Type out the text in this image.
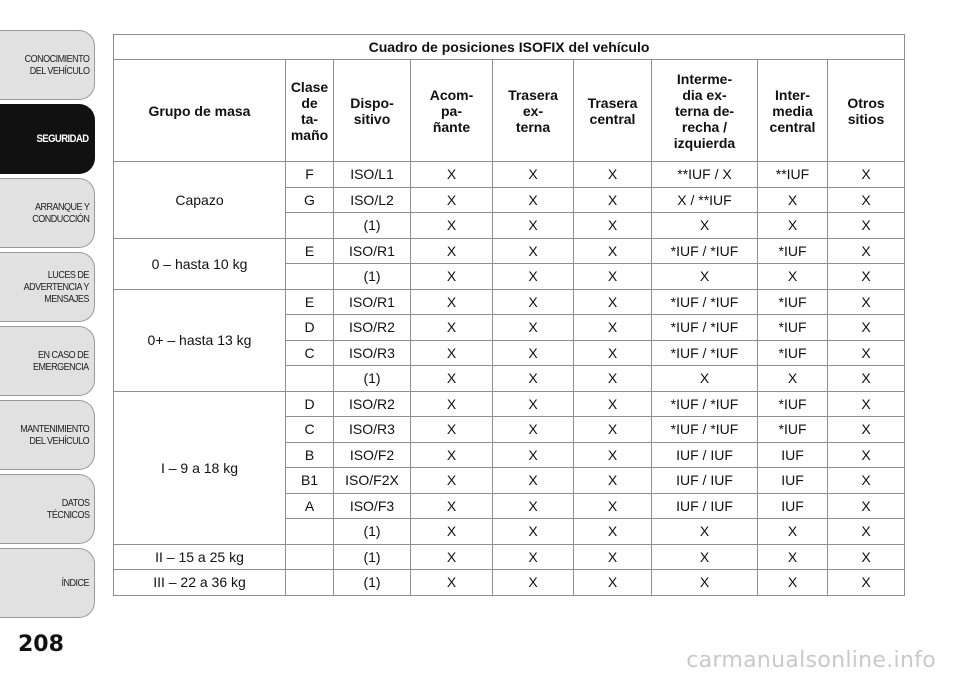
CONOCIMIENTO
DEL VEHÍCULO
SEGURIDAD
ARRANQUE Y
CONDUCCIÓN
LUCES DE
ADVERTENCIA Y
MENSAJES
EN CASO DE
EMERGENCIA
MANTENIMIENTO
DEL VEHÍCULO
DATOS
TÉCNICOS
ÍNDICE
208
Cuadro de posiciones ISOFIX del vehículo								
Grupo de masa	Clase
de
ta-
maño	Dispo-
sitivo	Acom-
pa-
ñante	Trasera
ex-
terna	Trasera
central	Interme-
dia ex-
terna de-
recha /
izquierda	Inter-
media
central	Otros
sitios
Capazo	F	ISO/L1	X	X	X	**IUF / X	**IUF	X
	G	ISO/L2	X	X	X	X / **IUF	X	X
		(1)	X	X	X	X	X	X
0 – hasta 10 kg	E	ISO/R1	X	X	X	*IUF / *IUF	*IUF	X
		(1)	X	X	X	X	X	X
0+ – hasta 13 kg	E	ISO/R1	X	X	X	*IUF / *IUF	*IUF	X
	D	ISO/R2	X	X	X	*IUF / *IUF	*IUF	X
	C	ISO/R3	X	X	X	*IUF / *IUF	*IUF	X
		(1)	X	X	X	X	X	X
I – 9 a 18 kg	D	ISO/R2	X	X	X	*IUF / *IUF	*IUF	X
	C	ISO/R3	X	X	X	*IUF / *IUF	*IUF	X
	B	ISO/F2	X	X	X	IUF / IUF	IUF	X
	B1	ISO/F2X	X	X	X	IUF / IUF	IUF	X
	A	ISO/F3	X	X	X	IUF / IUF	IUF	X
		(1)	X	X	X	X	X	X
II – 15 a 25 kg		(1)	X	X	X	X	X	X
III – 22 a 36 kg		(1)	X	X	X	X	X	X
carmanualsonline.info
